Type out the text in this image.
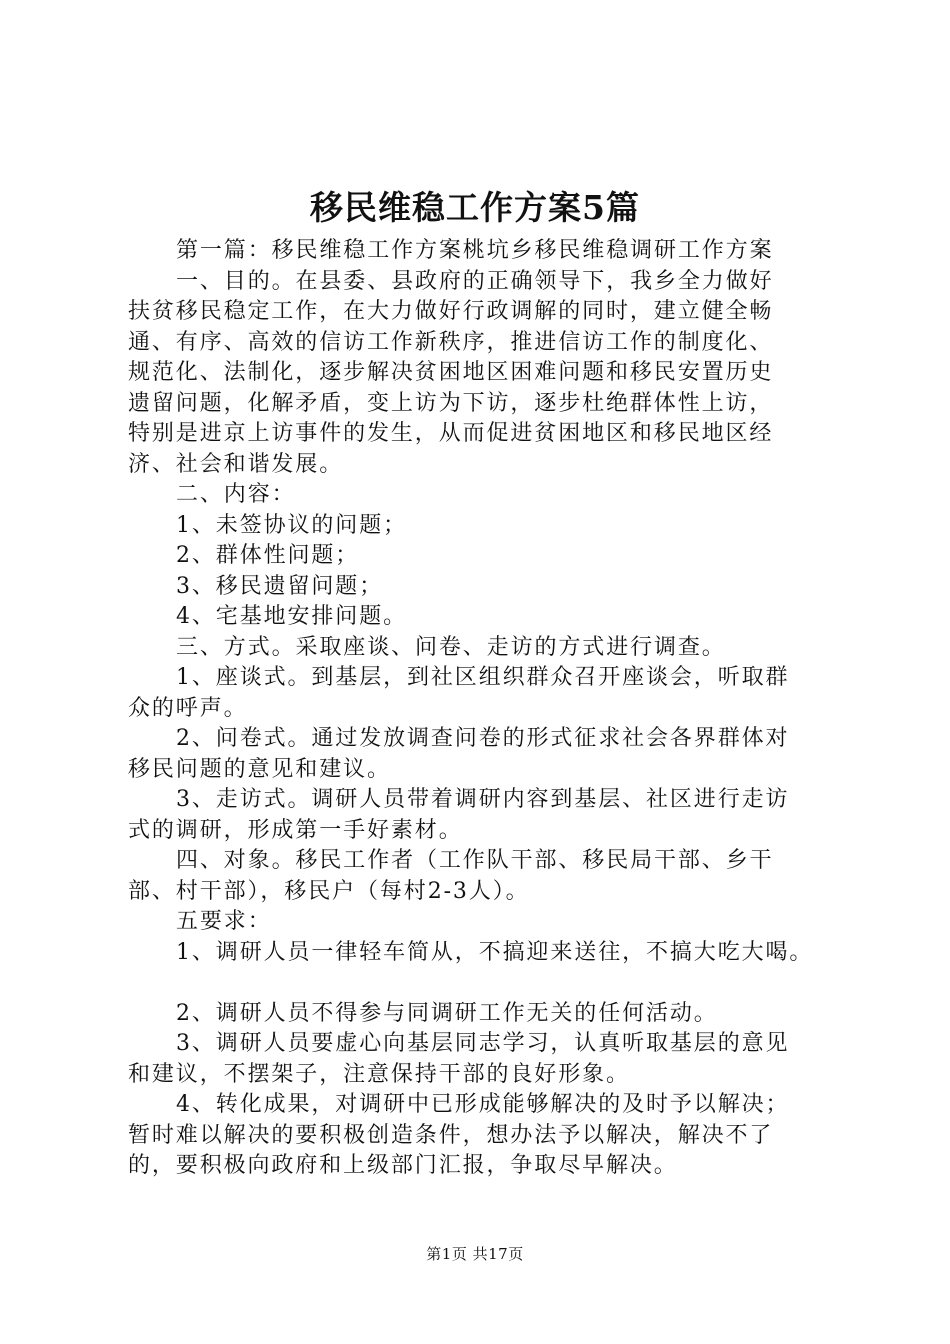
移民维稳工作方案5篇
第一篇：移民维稳工作方案桃坑乡移民维稳调研工作方案
一、目的。在县委、县政府的正确领导下，我乡全力做好
扶贫移民稳定工作，在大力做好行政调解的同时，建立健全畅
通、有序、高效的信访工作新秩序，推进信访工作的制度化、
规范化、法制化，逐步解决贫困地区困难问题和移民安置历史
遗留问题，化解矛盾，变上访为下访，逐步杜绝群体性上访，
特别是进京上访事件的发生，从而促进贫困地区和移民地区经
济、社会和谐发展。
二、内容：
1、未签协议的问题；
2、群体性问题；
3、移民遗留问题；
4、宅基地安排问题。
三、方式。采取座谈、问卷、走访的方式进行调查。
1、座谈式。到基层，到社区组织群众召开座谈会，听取群
众的呼声。
2、问卷式。通过发放调查问卷的形式征求社会各界群体对
移民问题的意见和建议。
3、走访式。调研人员带着调研内容到基层、社区进行走访
式的调研，形成第一手好素材。
四、对象。移民工作者（工作队干部、移民局干部、乡干
部、村干部），移民户（每村2-3人）。
五要求：
1、调研人员一律轻车简从，不搞迎来送往，不搞大吃大喝。
2、调研人员不得参与同调研工作无关的任何活动。
3、调研人员要虚心向基层同志学习，认真听取基层的意见
和建议，不摆架子，注意保持干部的良好形象。
4、转化成果，对调研中已形成能够解决的及时予以解决；
暂时难以解决的要积极创造条件，想办法予以解决，解决不了
的，要积极向政府和上级部门汇报，争取尽早解决。
第1页 共17页
